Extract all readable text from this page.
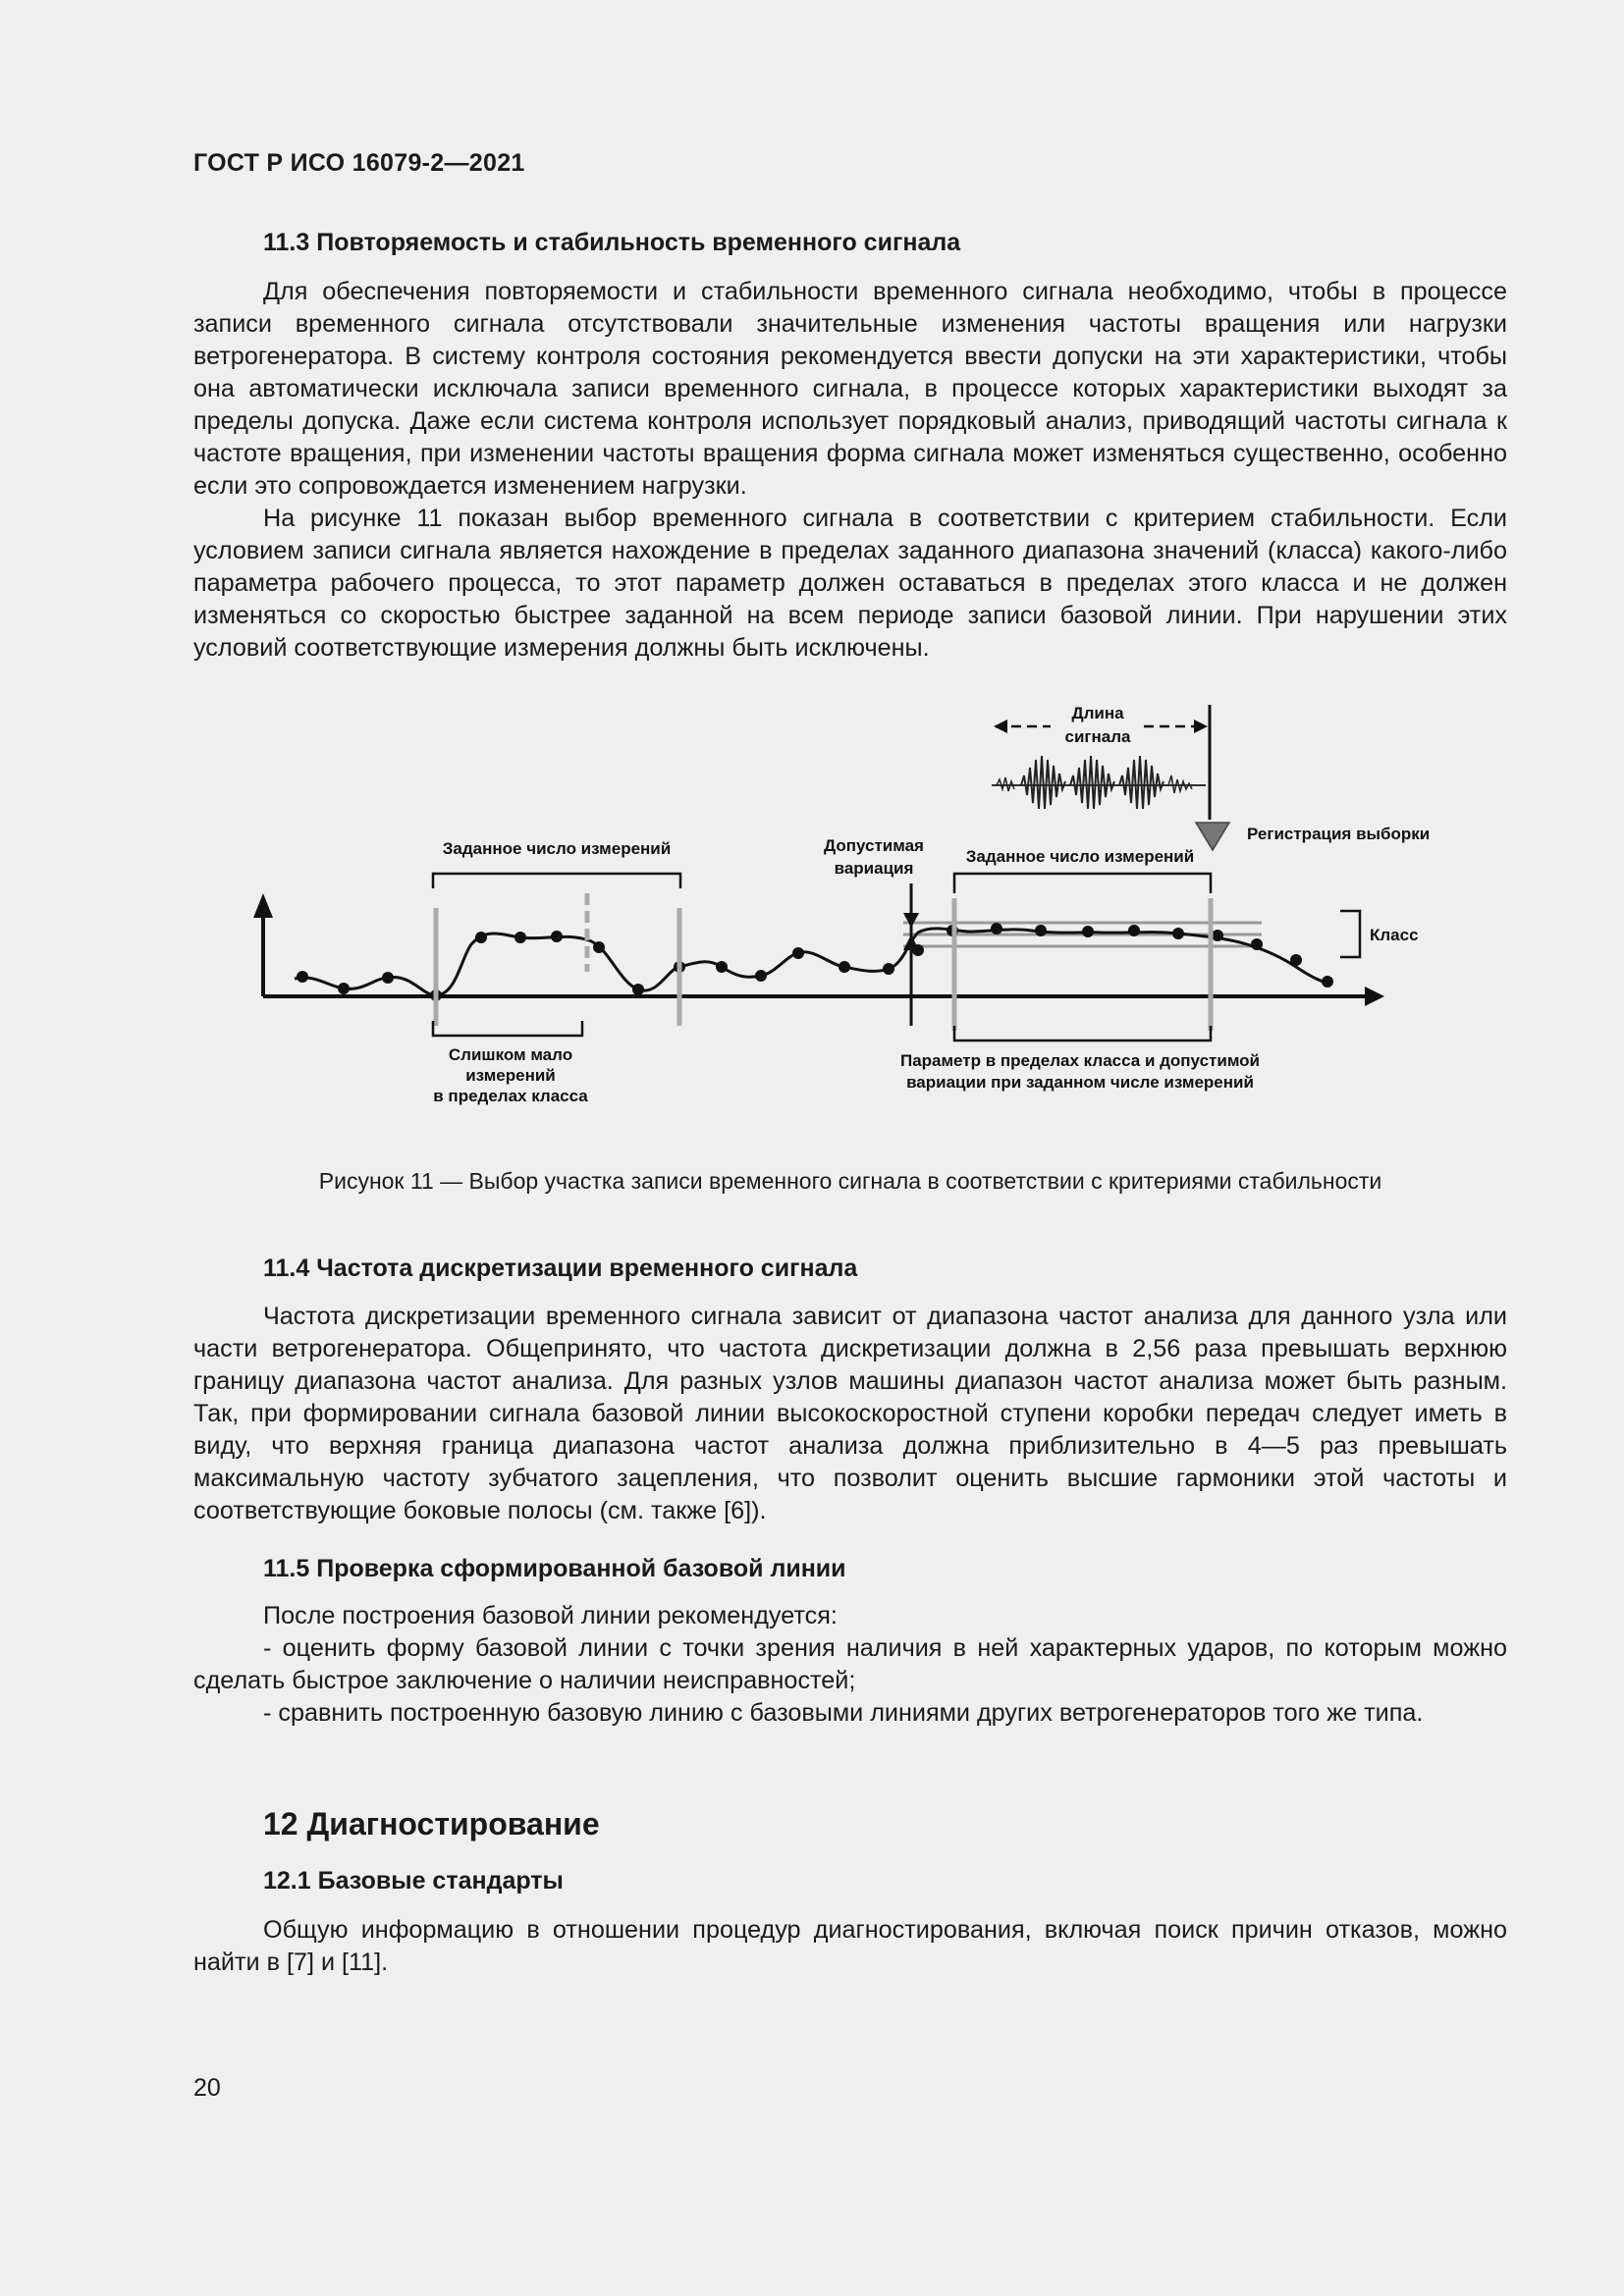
ГОСТ Р ИСО 16079-2—2021
11.3 Повторяемость и стабильность временного сигнала

Для обеспечения повторяемости и стабильности временного сигнала необходимо, чтобы в процессе записи временного сигнала отсутствовали значительные изменения частоты вращения или нагрузки ветрогенератора. В систему контроля состояния рекомендуется ввести допуски на эти характеристики, чтобы она автоматически исключала записи временного сигнала, в процессе которых характеристики выходят за пределы допуска. Даже если система контроля использует порядковый анализ, приводящий частоты сигнала к частоте вращения, при изменении частоты вращения форма сигнала может изменяться существенно, особенно если это сопровождается изменением нагрузки.

На рисунке 11 показан выбор временного сигнала в соответствии с критерием стабильности. Если условием записи сигнала является нахождение в пределах заданного диапазона значений (класса) какого-либо параметра рабочего процесса, то этот параметр должен оставаться в пределах этого класса и не должен изменяться со скоростью быстрее заданной на всем периоде записи базовой линии. При нарушении этих условий соответствующие измерения должны быть исключены.

Заданное число измерений
Слишком мало
измерений
в пределах класса
Допустимая
вариация
Заданное число измерений
Параметр в пределах класса и допустимой
вариации при заданном числе измерений
Класс
Регистрация выборки
Длина
сигнала
Рисунок 11 — Выбор участка записи временного сигнала в соответствии с критериями стабильности
11.4 Частота дискретизации временного сигнала

Частота дискретизации временного сигнала зависит от диапазона частот анализа для данного узла или части ветрогенератора. Общепринято, что частота дискретизации должна в 2,56 раза превышать верхнюю границу диапазона частот анализа. Для разных узлов машины диапазон частот анализа может быть разным. Так, при формировании сигнала базовой линии высокоскоростной ступени коробки передач следует иметь в виду, что верхняя граница диапазона частот анализа должна приблизительно в 4—5 раз превышать максимальную частоту зубчатого зацепления, что позволит оценить высшие гармоники этой частоты и соответствующие боковые полосы (см. также [6]).

11.5 Проверка сформированной базовой линии

После построения базовой линии рекомендуется:

- оценить форму базовой линии с точки зрения наличия в ней характерных ударов, по которым можно сделать быстрое заключение о наличии неисправностей;

- сравнить построенную базовую линию с базовыми линиями других ветрогенераторов того же типа.

12 Диагностирование
12.1 Базовые стандарты

Общую информацию в отношении процедур диагностирования, включая поиск причин отказов, можно найти в [7] и [11].

20
